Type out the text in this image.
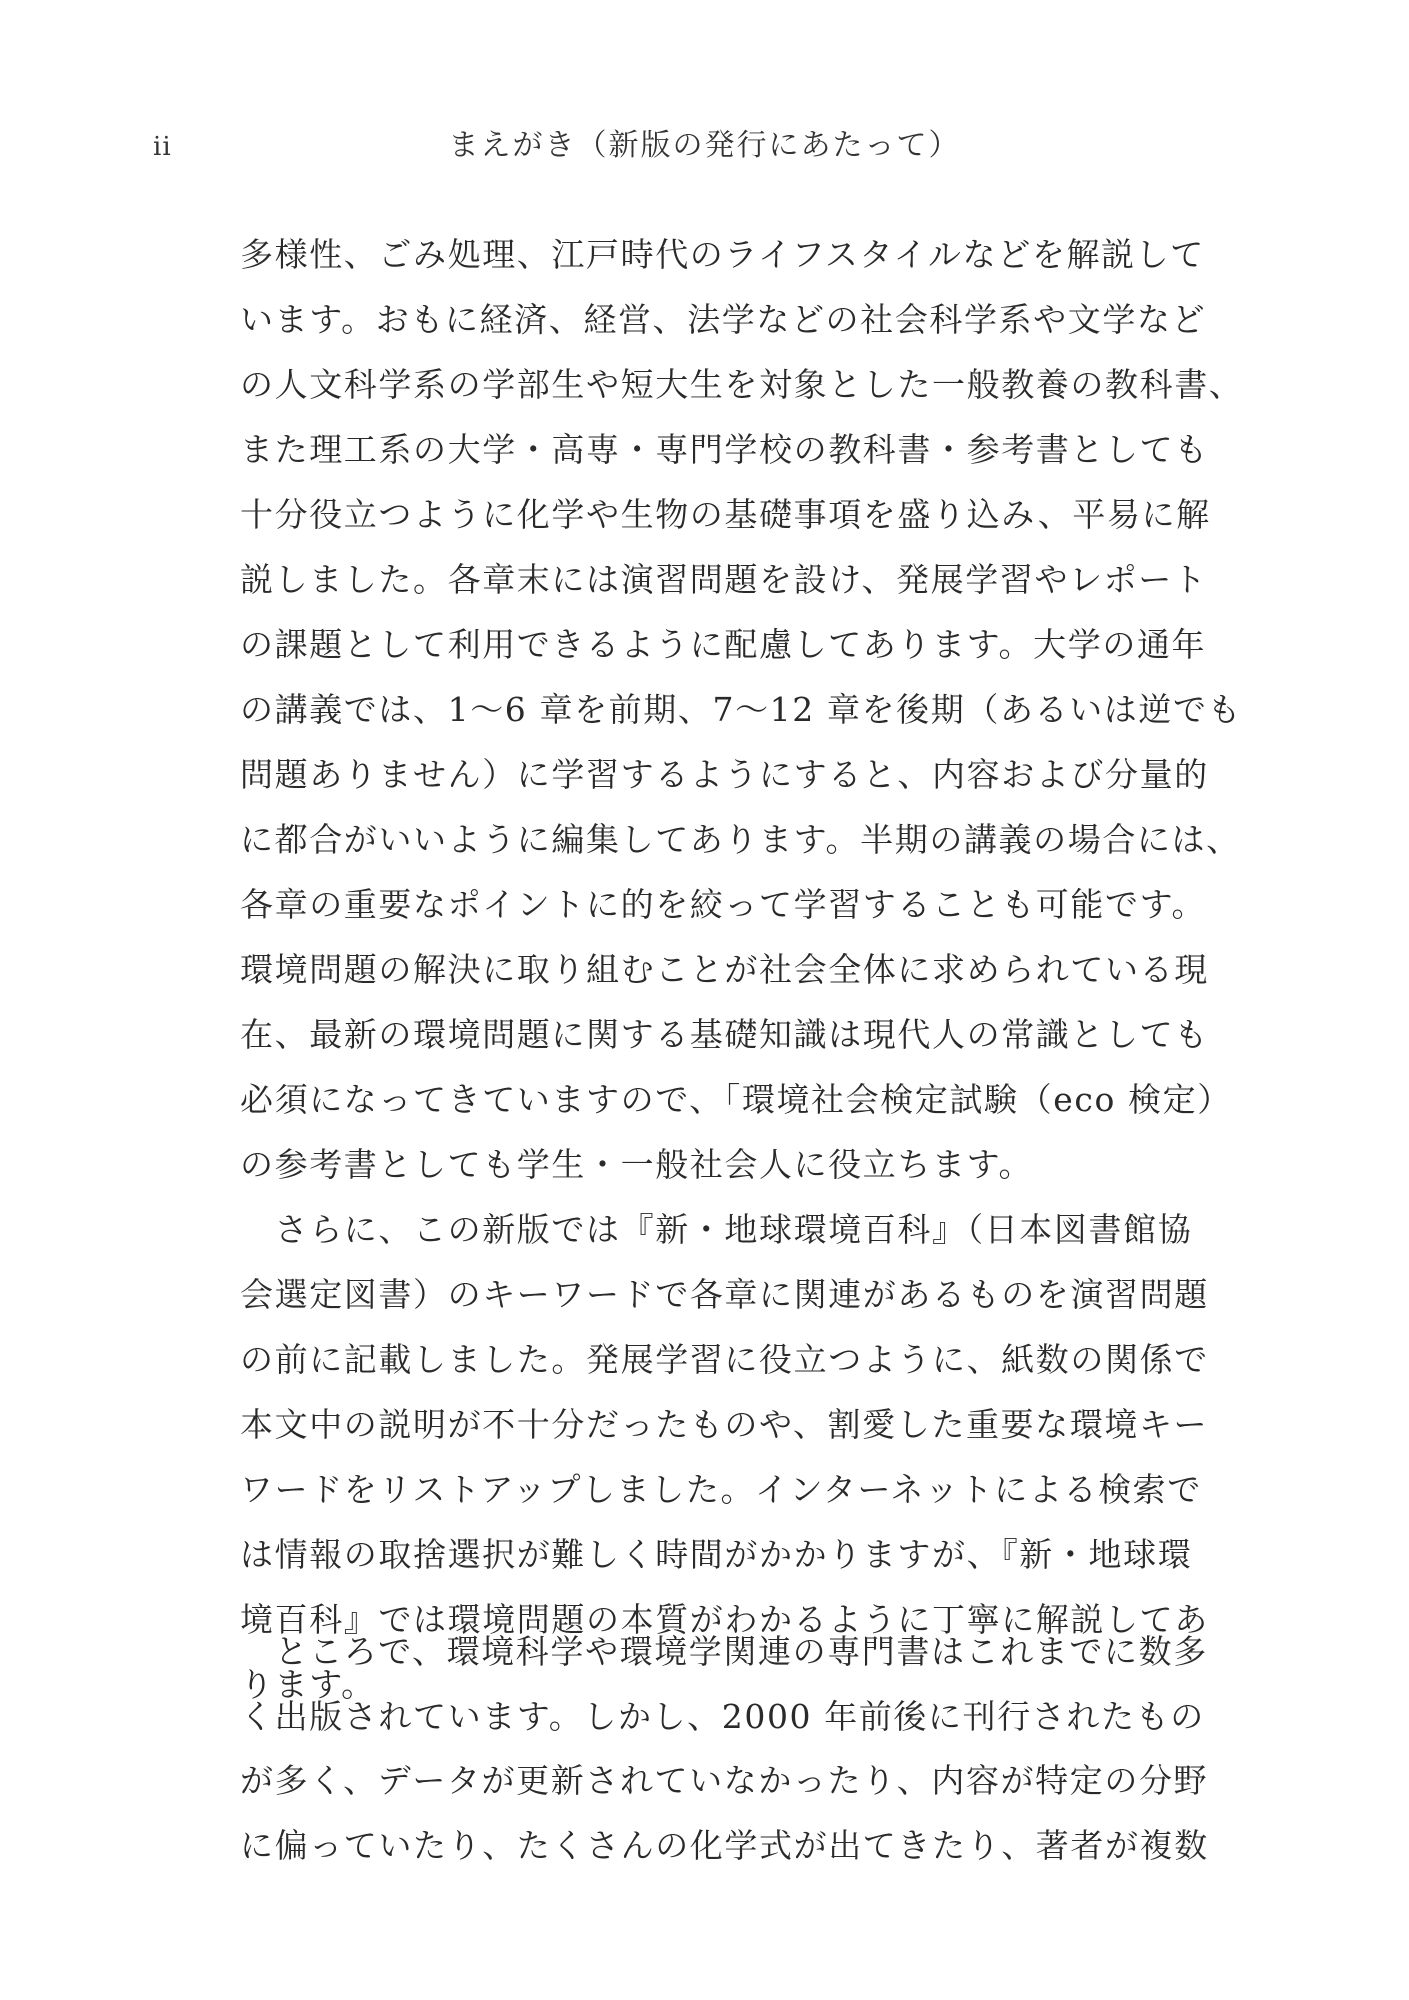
ii	まえがき（新版の発行にあたって）
多様性、ごみ処理、江戸時代のライフスタイルなどを解説して
います。おもに経済、経営、法学などの社会科学系や文学など
の人文科学系の学部生や短大生を対象とした一般教養の教科書、
また理工系の大学・高専・専門学校の教科書・参考書としても
十分役立つように化学や生物の基礎事項を盛り込み、平易に解
説しました。各章末には演習問題を設け、発展学習やレポート
の課題として利用できるように配慮してあります。大学の通年
の講義では、1～6 章を前期、7～12 章を後期（あるいは逆でも
問題ありません）に学習するようにすると、内容および分量的
に都合がいいように編集してあります。半期の講義の場合には、
各章の重要なポイントに的を絞って学習することも可能です。
環境問題の解決に取り組むことが社会全体に求められている現
在、最新の環境問題に関する基礎知識は現代人の常識としても
必須になってきていますので、「環境社会検定試験（eco 検定）
の参考書としても学生・一般社会人に役立ちます。
　さらに、この新版では『新・地球環境百科』（日本図書館協
会選定図書）のキーワードで各章に関連があるものを演習問題
の前に記載しました。発展学習に役立つように、紙数の関係で
本文中の説明が不十分だったものや、割愛した重要な環境キー
ワードをリストアップしました。インターネットによる検索で
は情報の取捨選択が難しく時間がかかりますが、『新・地球環
境百科』では環境問題の本質がわかるように丁寧に解説してあ
ります。
　ところで、環境科学や環境学関連の専門書はこれまでに数多
く出版されています。しかし、2000 年前後に刊行されたもの
が多く、データが更新されていなかったり、内容が特定の分野
に偏っていたり、たくさんの化学式が出てきたり、著者が複数
